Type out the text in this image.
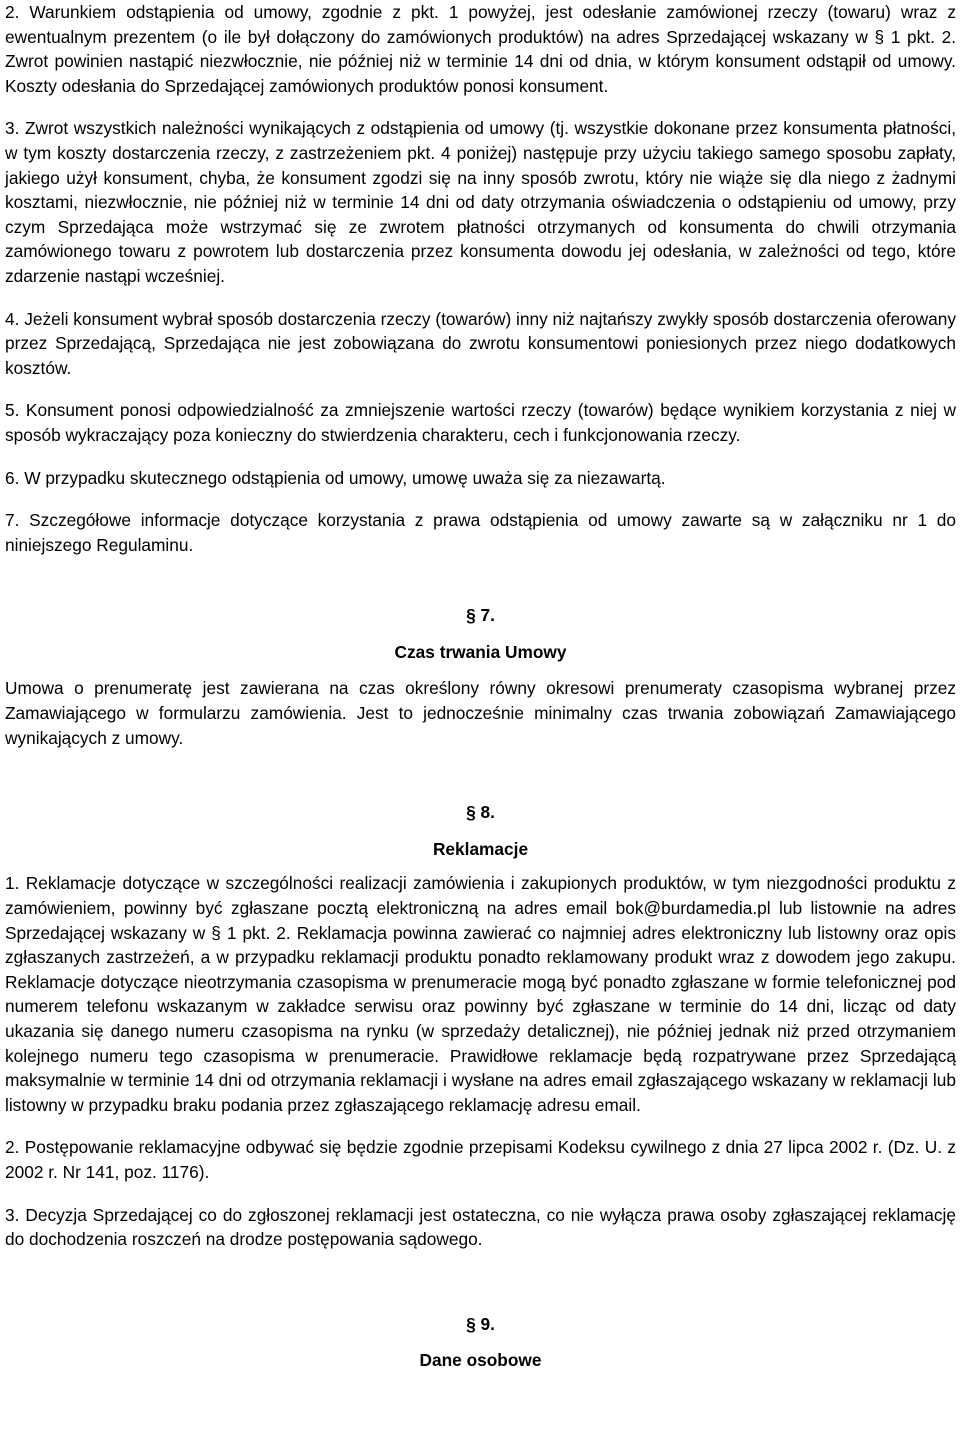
2. Warunkiem odstąpienia od umowy, zgodnie z pkt. 1 powyżej, jest odesłanie zamówionej rzeczy (towaru) wraz z ewentualnym prezentem (o ile był dołączony do zamówionych produktów) na adres Sprzedającej wskazany w § 1 pkt. 2. Zwrot powinien nastąpić niezwłocznie, nie później niż w terminie 14 dni od dnia, w którym konsument odstąpił od umowy. Koszty odesłania do Sprzedającej zamówionych produktów ponosi konsument.

3. Zwrot wszystkich należności wynikających z odstąpienia od umowy (tj. wszystkie dokonane przez konsumenta płatności, w tym koszty dostarczenia rzeczy, z zastrzeżeniem pkt. 4 poniżej) następuje przy użyciu takiego samego sposobu zapłaty, jakiego użył konsument, chyba, że konsument zgodzi się na inny sposób zwrotu, który nie wiąże się dla niego z żadnymi kosztami, niezwłocznie, nie później niż w terminie 14 dni od daty otrzymania oświadczenia o odstąpieniu od umowy, przy czym Sprzedająca może wstrzymać się ze zwrotem płatności otrzymanych od konsumenta do chwili otrzymania zamówionego towaru z powrotem lub dostarczenia przez konsumenta dowodu jej odesłania, w zależności od tego, które zdarzenie nastąpi wcześniej.

4. Jeżeli konsument wybrał sposób dostarczenia rzeczy (towarów) inny niż najtańszy zwykły sposób dostarczenia oferowany przez Sprzedającą, Sprzedająca nie jest zobowiązana do zwrotu konsumentowi poniesionych przez niego dodatkowych kosztów.

5. Konsument ponosi odpowiedzialność za zmniejszenie wartości rzeczy (towarów) będące wynikiem korzystania z niej w sposób wykraczający poza konieczny do stwierdzenia charakteru, cech i funkcjonowania rzeczy.

6. W przypadku skutecznego odstąpienia od umowy, umowę uważa się za niezawartą.

7. Szczegółowe informacje dotyczące korzystania z prawa odstąpienia od umowy zawarte są w załączniku nr 1 do niniejszego Regulaminu.

§ 7.

Czas trwania Umowy

Umowa o prenumeratę jest zawierana na czas określony równy okresowi prenumeraty czasopisma wybranej przez Zamawiającego w formularzu zamówienia. Jest to jednocześnie minimalny czas trwania zobowiązań Zamawiającego wynikających z umowy.

§ 8.

Reklamacje

1. Reklamacje dotyczące w szczególności realizacji zamówienia i zakupionych produktów, w tym niezgodności produktu z zamówieniem, powinny być zgłaszane pocztą elektroniczną na adres email bok@burdamedia.pl lub listownie na adres Sprzedającej wskazany w § 1 pkt. 2. Reklamacja powinna zawierać co najmniej adres elektroniczny lub listowny oraz opis zgłaszanych zastrzeżeń, a w przypadku reklamacji produktu ponadto reklamowany produkt wraz z dowodem jego zakupu. Reklamacje dotyczące nieotrzymania czasopisma w prenumeracie mogą być ponadto zgłaszane w formie telefonicznej pod numerem telefonu wskazanym w zakładce serwisu oraz powinny być zgłaszane w terminie do 14 dni, licząc od daty ukazania się danego numeru czasopisma na rynku (w sprzedaży detalicznej), nie później jednak niż przed otrzymaniem kolejnego numeru tego czasopisma w prenumeracie. Prawidłowe reklamacje będą rozpatrywane przez Sprzedającą maksymalnie w terminie 14 dni od otrzymania reklamacji i wysłane na adres email zgłaszającego wskazany w reklamacji lub listowny w przypadku braku podania przez zgłaszającego reklamację adresu email.

2. Postępowanie reklamacyjne odbywać się będzie zgodnie przepisami Kodeksu cywilnego z dnia 27 lipca 2002 r. (Dz. U. z 2002 r. Nr 141, poz. 1176).

3. Decyzja Sprzedającej co do zgłoszonej reklamacji jest ostateczna, co nie wyłącza prawa osoby zgłaszającej reklamację do dochodzenia roszczeń na drodze postępowania sądowego.

§ 9.

Dane osobowe
